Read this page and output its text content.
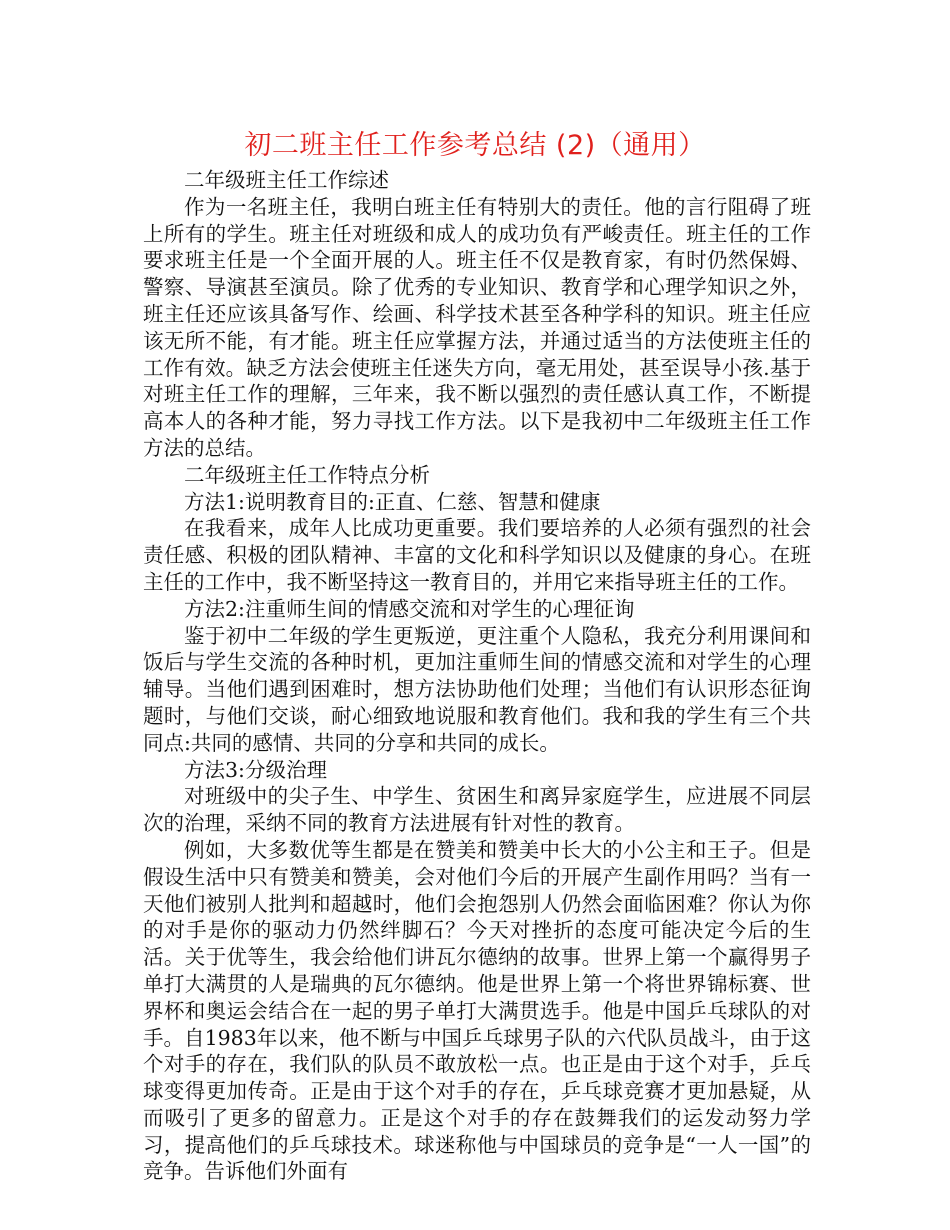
初二班主任工作参考总结 (2)（通用）

二年级班主任工作综述

作为一名班主任，我明白班主任有特别大的责任。他的言行阻碍了班上所有的学生。班主任对班级和成人的成功负有严峻责任。班主任的工作要求班主任是一个全面开展的人。班主任不仅是教育家，有时仍然保姆、警察、导演甚至演员。除了优秀的专业知识、教育学和心理学知识之外，班主任还应该具备写作、绘画、科学技术甚至各种学科的知识。班主任应该无所不能，有才能。班主任应掌握方法，并通过适当的方法使班主任的工作有效。缺乏方法会使班主任迷失方向，毫无用处，甚至误导小孩.基于对班主任工作的理解，三年来，我不断以强烈的责任感认真工作，不断提高本人的各种才能，努力寻找工作方法。以下是我初中二年级班主任工作方法的总结。

二年级班主任工作特点分析

方法1:说明教育目的:正直、仁慈、智慧和健康

在我看来，成年人比成功更重要。我们要培养的人必须有强烈的社会责任感、积极的团队精神、丰富的文化和科学知识以及健康的身心。在班主任的工作中，我不断坚持这一教育目的，并用它来指导班主任的工作。

方法2:注重师生间的情感交流和对学生的心理征询

鉴于初中二年级的学生更叛逆，更注重个人隐私，我充分利用课间和饭后与学生交流的各种时机，更加注重师生间的情感交流和对学生的心理辅导。当他们遇到困难时，想方法协助他们处理；当他们有认识形态征询题时，与他们交谈，耐心细致地说服和教育他们。我和我的学生有三个共同点:共同的感情、共同的分享和共同的成长。

方法3:分级治理

对班级中的尖子生、中学生、贫困生和离异家庭学生，应进展不同层次的治理，采纳不同的教育方法进展有针对性的教育。

例如，大多数优等生都是在赞美和赞美中长大的小公主和王子。但是假设生活中只有赞美和赞美，会对他们今后的开展产生副作用吗？当有一天他们被别人批判和超越时，他们会抱怨别人仍然会面临困难？你认为你的对手是你的驱动力仍然绊脚石？今天对挫折的态度可能决定今后的生活。关于优等生，我会给他们讲瓦尔德纳的故事。世界上第一个赢得男子单打大满贯的人是瑞典的瓦尔德纳。他是世界上第一个将世界锦标赛、世界杯和奥运会结合在一起的男子单打大满贯选手。他是中国乒乓球队的对手。自1983年以来，他不断与中国乒乓球男子队的六代队员战斗，由于这个对手的存在，我们队的队员不敢放松一点。也正是由于这个对手，乒乓球变得更加传奇。正是由于这个对手的存在，乒乓球竞赛才更加悬疑，从而吸引了更多的留意力。正是这个对手的存在鼓舞我们的运发动努力学习，提高他们的乒乓球技术。球迷称他与中国球员的竞争是“一人一国”的竞争。告诉他们外面有
